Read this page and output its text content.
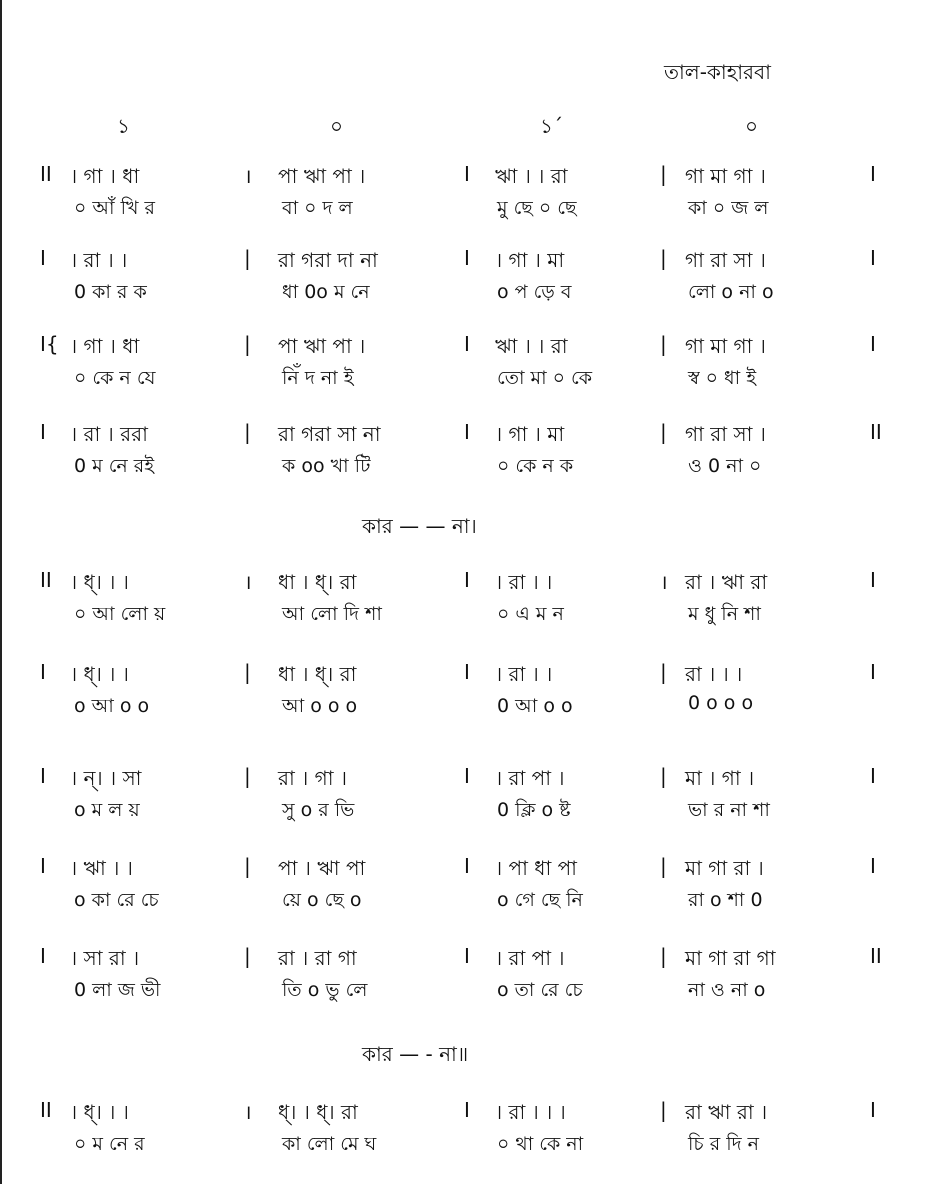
তাল-কাহারবা
১	০	১´	০
II	I
। গা । ধা	। পা ঋা পা ।	I ঋা । । রা	| গা মা গা ।
০ আঁ খি র	বা ০ দ ল	মু ছে ০ ছে	কা ০ জ ল
I	I
। রা । ।	| রা গরা দা না	I । গা । মা	| গা রা সা ।
0 কা র ক	ধা 0o ম নে	o প ড়ে ব	লো o না o
I{	I
। গা । ধা	| পা ঋা পা ।	I ঋা । । রা	| গা মা গা ।
০ কে ন যে	নিঁ দ না ই	তো মা ০ কে	স্ব ০ ধা ই
I	II
। রা । ররা	| রা গরা সা না	I । গা । মা	| গা রা সা ।
0 ম নে রই	ক oo খা টি	০ কে ন ক	ও 0 না ০
II	I
। ধ্। । ।	। ধা । ধ্। রা	I । রা । ।	। রা । ঋা রা
০ আ লো য়	আ লো দি শা	০ এ ম ন	ম ধু নি শা
I	I
। ধ্। । ।	| ধা । ধ্। রা	I । রা । ।	| রা । । ।
o আ o o	আ o o o	0 আ o o	0 o o o
I	I
। ন্। । সা	| রা । গা ।	I । রা পা ।	| মা । গা ।
o ম ল য়	সু o র ভি	0 ক্লি o ষ্ট	ভা র না শা
I	I
। ঋা । ।	| পা । ঋা পা	I । পা ধা পা	| মা গা রা ।
o কা রে চে	য়ে o ছে o	o গে ছে নি	রা o শা 0
I	II
। সা রা ।	| রা । রা গা	I । রা পা ।	| মা গা রা গা
0 লা জ ভী	তি o ভু লে	o তা রে চে	না ও না o
II	I
। ধ্। । ।	। ধ্। । ধ্। রা	I । রা । । ।	| রা ঋা রা ।
০ ম নে র	কা লো মে ঘ	০ থা কে না	চি র দি ন
কার — — না।
কার — - না॥
